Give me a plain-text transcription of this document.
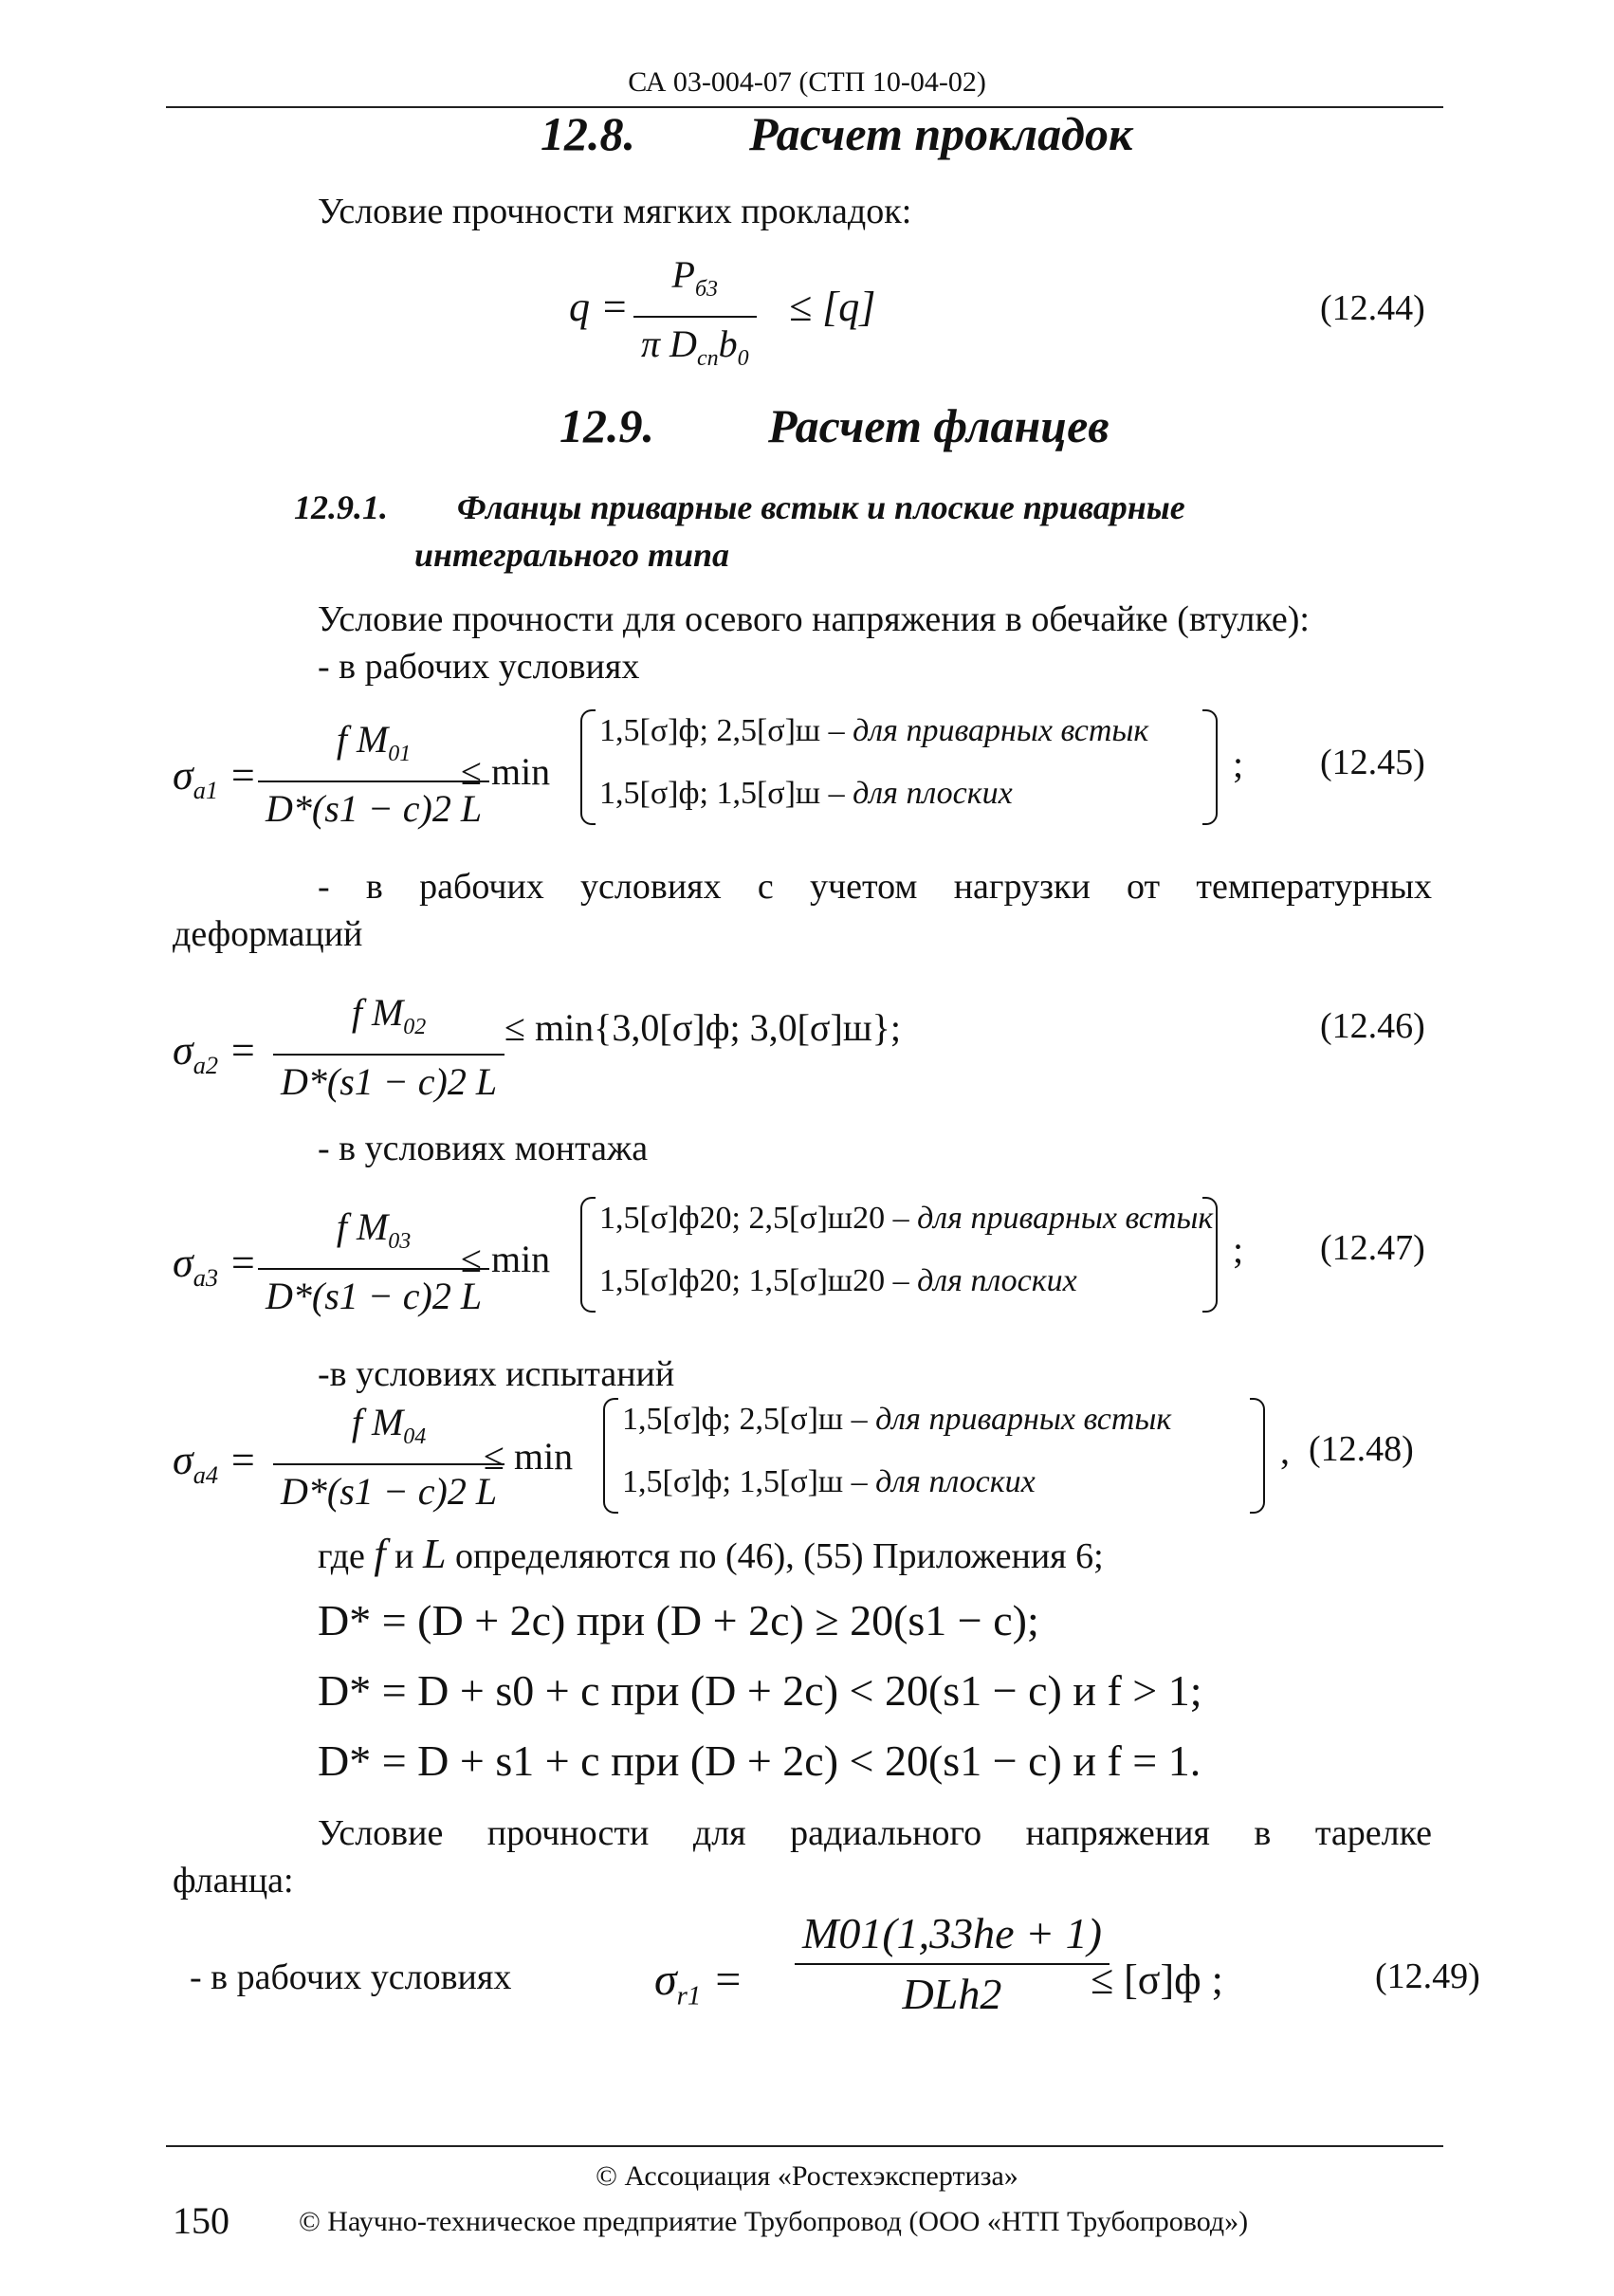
СА 03-004-07 (СТП 10-04-02)
12.8. Расчет прокладок
Условие прочности мягких прокладок:
q =
$P_{б3}$
π $D_{сп}b_0$
≤ [q]	(12.44)
12.9. Расчет фланцев
12.9.1. Фланцы приварные встык и плоские приварные
интегрального типа
Условие прочности для осевого напряжения в обечайке (втулке):
- в рабочих условиях
$\sigma_{a1}$ =
f $M_{01}$
D*(s1 − c)2 L
≤ min
1,5[σ]ф; 2,5[σ]ш – для приварных встык
1,5[σ]ф; 1,5[σ]ш – для плоских
; (12.45)
- в рабочих условиях с учетом нагрузки от температурных
деформаций
$\sigma_{a2}$ =
f $M_{02}$
D*(s1 − c)2 L
≤ min{3,0[σ]ф; 3,0[σ]ш};	(12.46)
- в условиях монтажа
$\sigma_{a3}$ =
f $M_{03}$
D*(s1 − c)2 L
≤ min
1,5[σ]ф20; 2,5[σ]ш20 – для приварных встык
1,5[σ]ф20; 1,5[σ]ш20 – для плоских
; (12.47)
-в условиях испытаний
$\sigma_{a4}$ =
f $M_{04}$
D*(s1 − c)2 L
≤ min
1,5[σ]ф; 2,5[σ]ш – для приварных встык
1,5[σ]ф; 1,5[σ]ш – для плоских
, (12.48)
где f и L определяются по (46), (55) Приложения 6;
D* = (D + 2c) при (D + 2c) ≥ 20(s1 − c);
D* = D + s0 + c при (D + 2c) < 20(s1 − c) и f > 1;
D* = D + s1 + c при (D + 2c) < 20(s1 − c) и f = 1.
Условие прочности для радиального напряжения в тарелке
фланца:
- в рабочих условиях	$\sigma_{r1}$ =
M01(1,33he + 1)
DLh2 ≤ [σ]ф ;	(12.49)
© Ассоциация «Ростехэкспертиза»
150 © Научно-техническое предприятие Трубопровод (ООО «НТП Трубопровод»)
